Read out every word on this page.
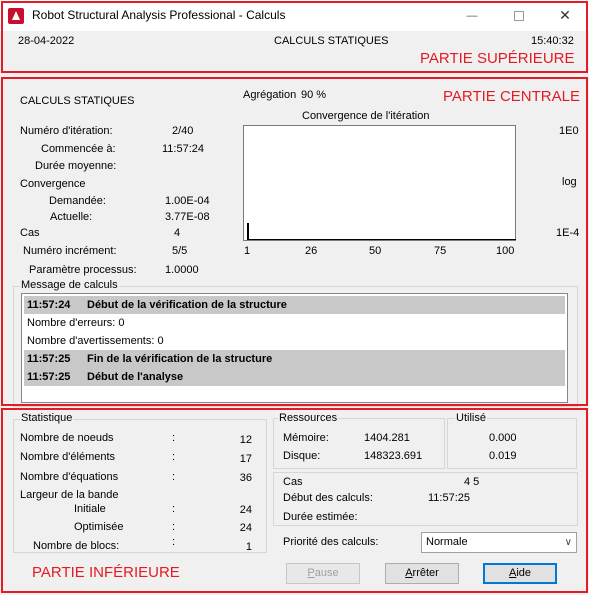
Robot Structural Analysis Professional - Calculs	—	✕
28-04-2022	CALCULS STATIQUES	15:40:32
PARTIE SUPÉRIEURE
CALCULS STATIQUES	Agrégation 90 %	PARTIE CENTRALE
Numéro d'itération:	2/40
Commencée à:	11:57:24
Durée moyenne:
Convergence
Demandée:	1.00E-04
Actuelle:	3.77E-08
Cas	4
Numéro incrément:	5/5
Paramètre processus:	1.0000
Convergence de l'itération
1E0
log
1E-4
1	26	50	75	100
Message de calculs
11:57:24 Début de la vérification de la structure
Nombre d'erreurs: 0
Nombre d'avertissements: 0
11:57:25 Fin de la vérification de la structure
11:57:25 Début de l'analyse
Statistique
Nombre de noeuds	:	12
Nombre d'éléments	:	17
Nombre d'équations	:	36
Largeur de la bande
Initiale	:	24
Optimisée	:	24
Nombre de blocs:	:	1
Ressources	Utilisé
Mémoire:	1404.281	0.000
Disque:	148323.691	0.019
Cas	4 5
Début des calculs:	11:57:25
Durée estimée:
Priorité des calculs:	Normale	∨
PARTIE INFÉRIEURE	Pause	Arrêter	Aide
